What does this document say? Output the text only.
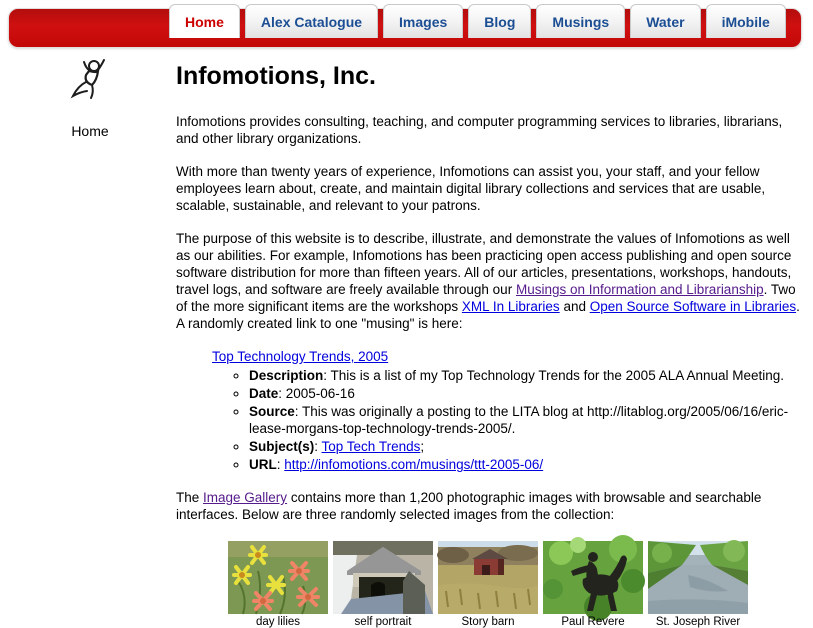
Home	Alex Catalogue	Images	Blog	Musings	Water	iMobile
Home
Infomotions, Inc.

Infomotions provides consulting, teaching, and computer programming services to libraries, librarians, and other library organizations.

With more than twenty years of experience, Infomotions can assist you, your staff, and your fellow employees learn about, create, and maintain digital library collections and services that are usable, scalable, sustainable, and relevant to your patrons.

The purpose of this website is to describe, illustrate, and demonstrate the values of Infomotions as well as our abilities. For example, Infomotions has been practicing open access publishing and open source software distribution for more than fifteen years. All of our articles, presentations, workshops, handouts, travel logs, and software are freely available through our Musings on Information and Librarianship. Two of the more significant items are the workshops XML In Libraries and Open Source Software in Libraries. A randomly created link to one "musing" is here:

Top Technology Trends, 2005
◦ Description: This is a list of my Top Technology Trends for the 2005 ALA Annual Meeting.
◦ Date: 2005-06-16
◦ Source: This was originally a posting to the LITA blog at http://litablog.org/2005/06/16/eric-lease-morgans-top-technology-trends-2005/.
◦ Subject(s): Top Tech Trends;
◦ URL: http://infomotions.com/musings/ttt-2005-06/

The Image Gallery contains more than 1,200 photographic images with browsable and searchable interfaces. Below are three randomly selected images from the collection:

day lilies	self portrait	Story barn	Paul Revere	St. Joseph River
